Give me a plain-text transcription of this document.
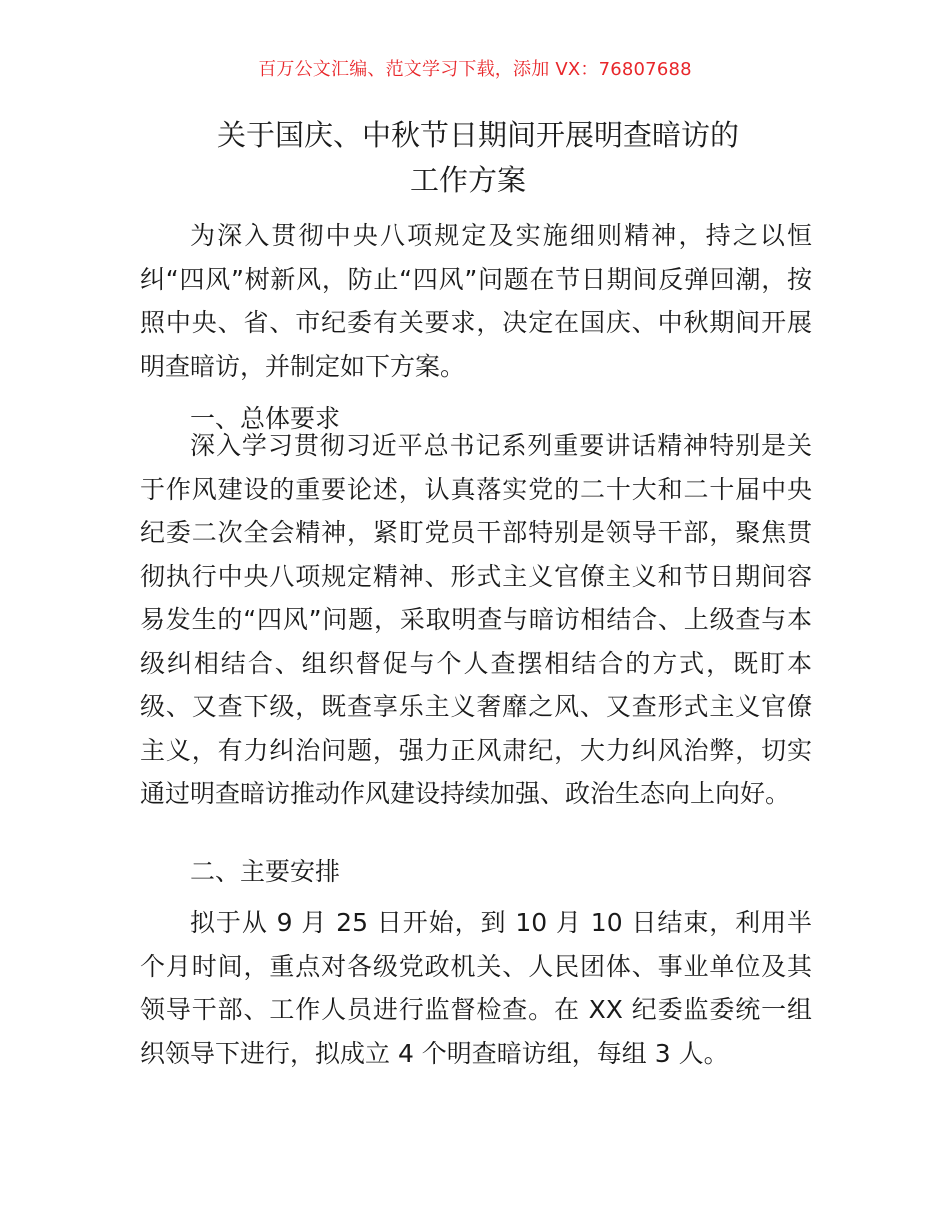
百万公文汇编、范文学习下载，添加 VX：76807688
关于国庆、中秋节日期间开展明查暗访的
工作方案
为深入贯彻中央八项规定及实施细则精神，持之以恒纠“四风”树新风，防止“四风”问题在节日期间反弹回潮，按照中央、省、市纪委有关要求，决定在国庆、中秋期间开展明查暗访，并制定如下方案。
一、总体要求
深入学习贯彻习近平总书记系列重要讲话精神特别是关于作风建设的重要论述，认真落实党的二十大和二十届中央纪委二次全会精神，紧盯党员干部特别是领导干部，聚焦贯彻执行中央八项规定精神、形式主义官僚主义和节日期间容易发生的“四风”问题，采取明查与暗访相结合、上级查与本级纠相结合、组织督促与个人查摆相结合的方式，既盯本级、又查下级，既查享乐主义奢靡之风、又查形式主义官僚主义，有力纠治问题，强力正风肃纪，大力纠风治弊，切实通过明查暗访推动作风建设持续加强、政治生态向上向好。
二、主要安排
拟于从 9 月 25 日开始，到 10 月 10 日结束，利用半个月时间，重点对各级党政机关、人民团体、事业单位及其领导干部、工作人员进行监督检查。在 XX 纪委监委统一组织领导下进行，拟成立 4 个明查暗访组，每组 3 人。
